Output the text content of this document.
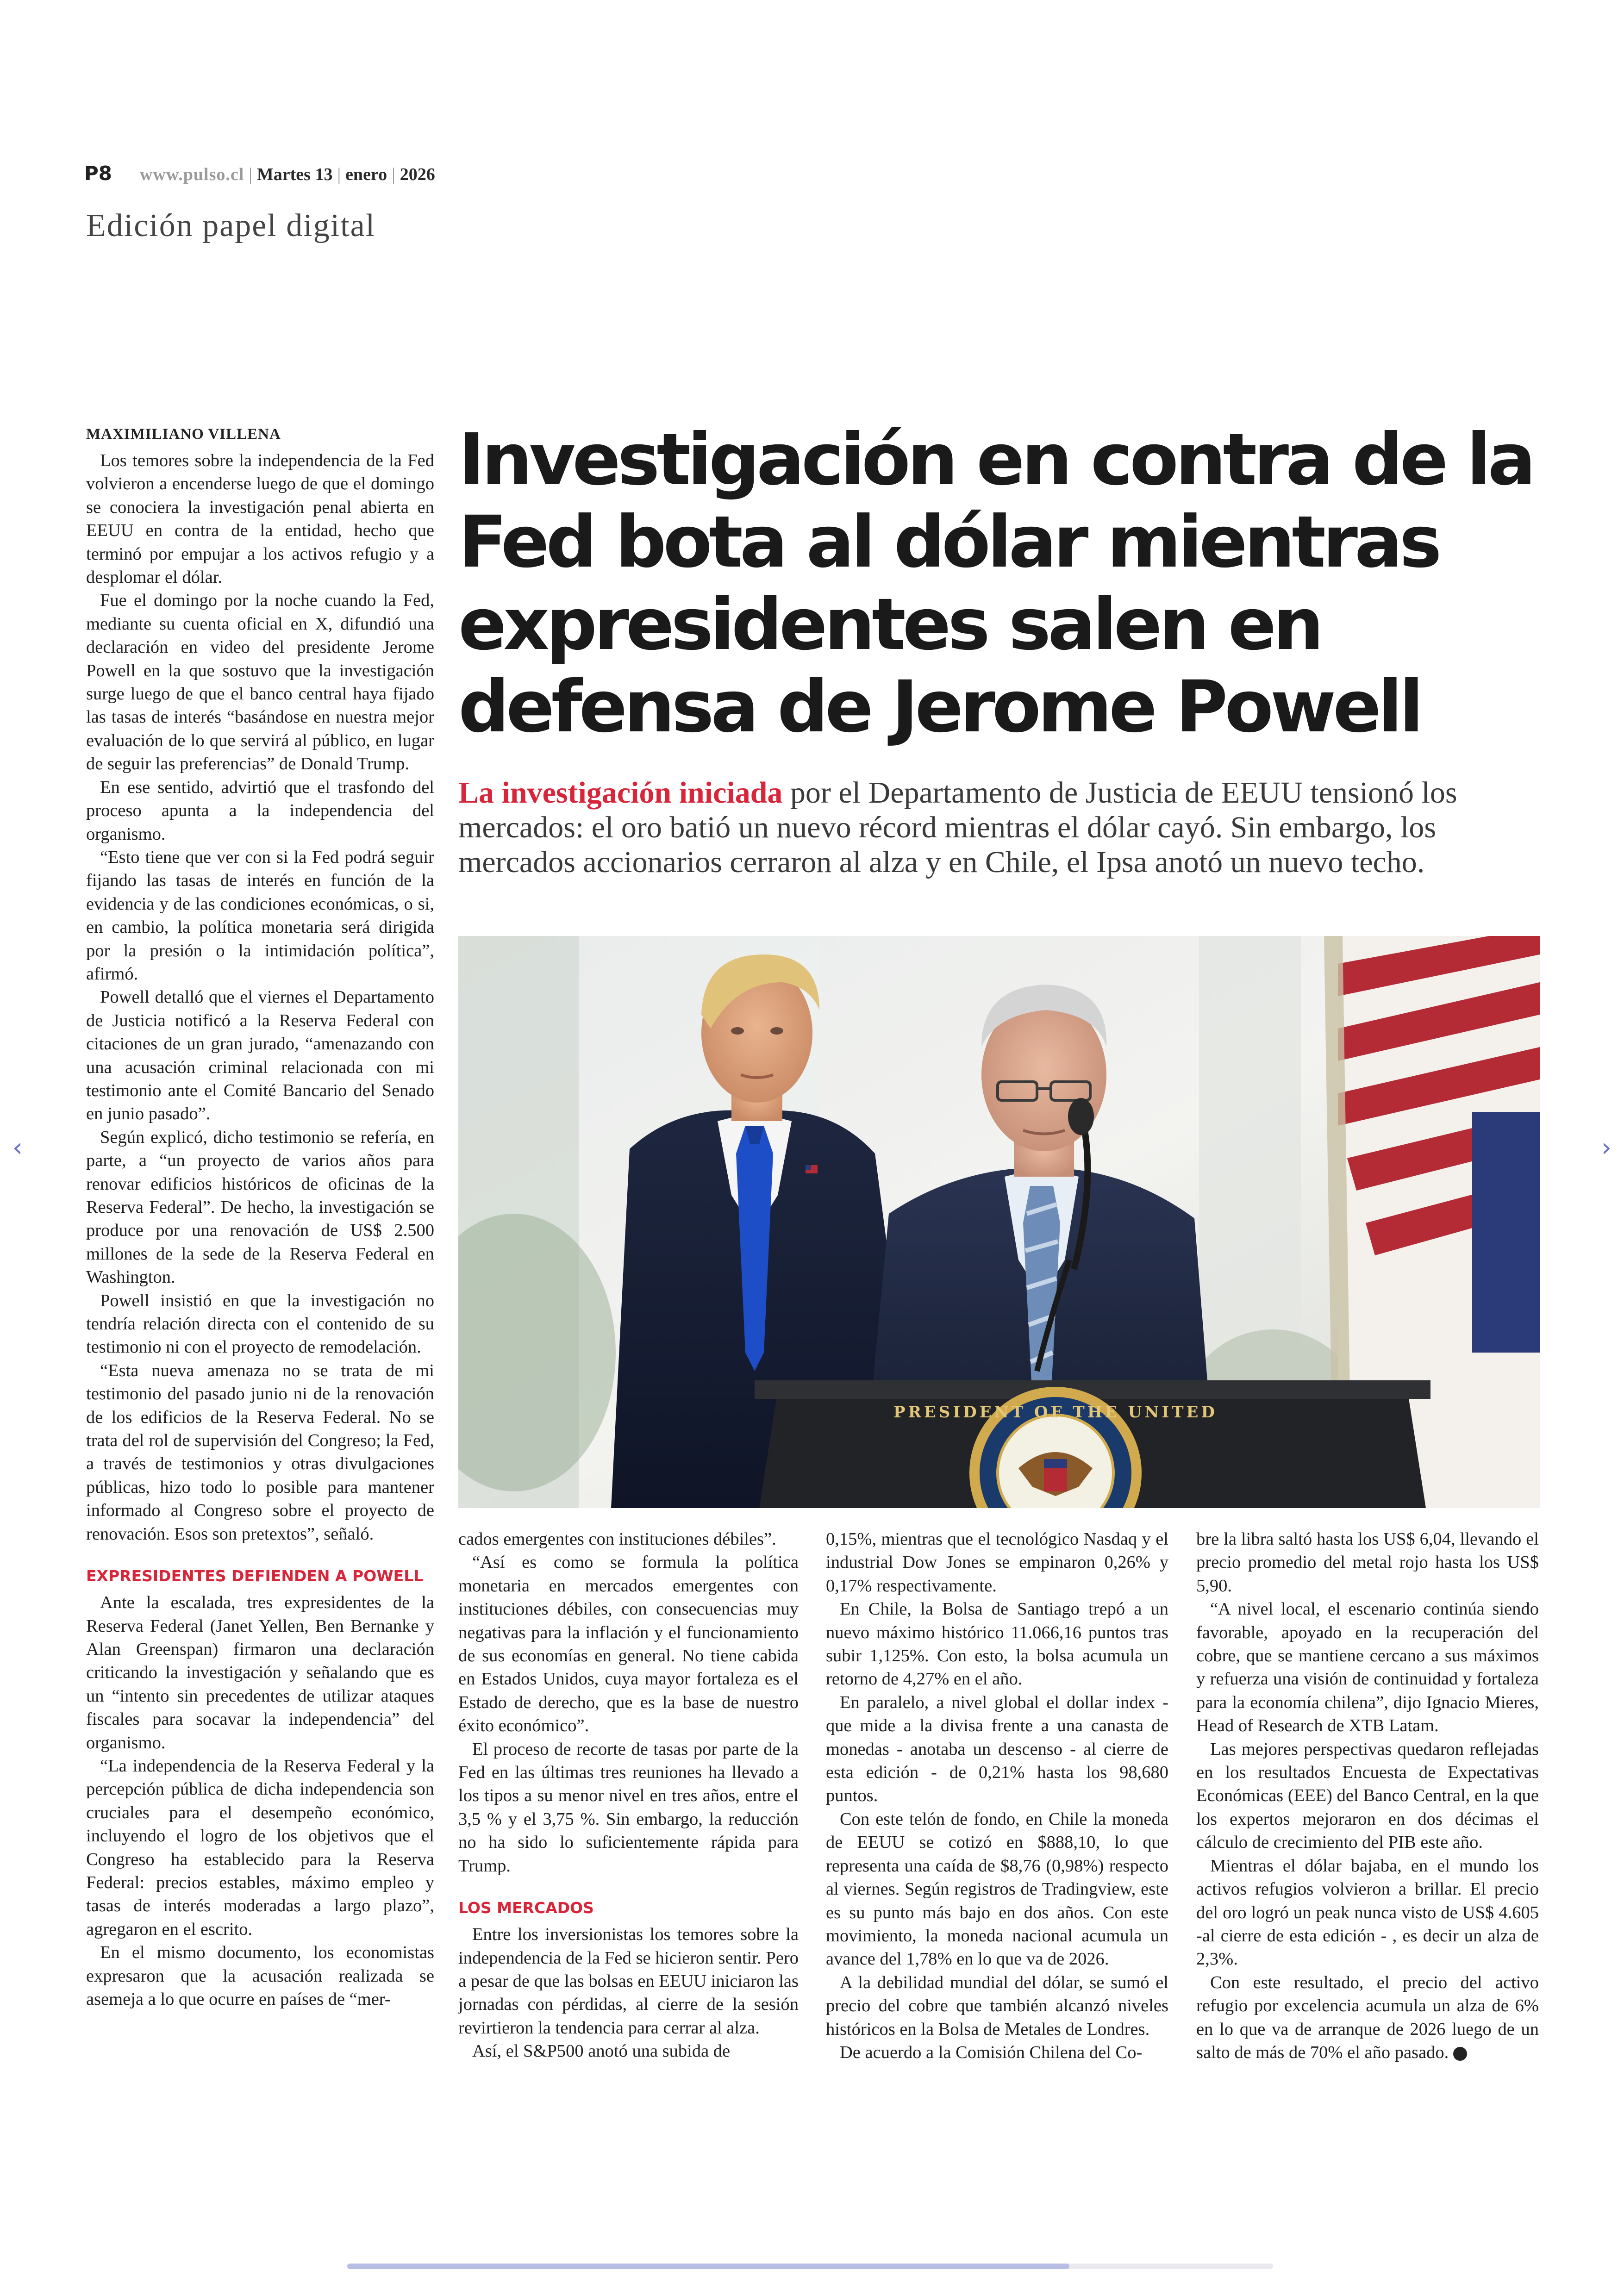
P8 www.pulso.cl | Martes 13 | enero | 2026
Edición papel digital
MAXIMILIANO VILLENA

Los temores sobre la independencia de la Fed volvieron a encenderse luego de que el domingo se conociera la investigación penal abierta en EEUU en contra de la entidad, hecho que terminó por empujar a los activos refugio y a desplomar el dólar.

Fue el domingo por la noche cuando la Fed, mediante su cuenta oficial en X, difundió una declaración en video del presidente Jerome Powell en la que sostuvo que la investigación surge luego de que el banco central haya fijado las tasas de interés “basándose en nuestra mejor evaluación de lo que servirá al público, en lugar de seguir las preferencias” de Donald Trump.

En ese sentido, advirtió que el trasfondo del proceso apunta a la independencia del organismo.

“Esto tiene que ver con si la Fed podrá seguir fijando las tasas de interés en función de la evidencia y de las condiciones económicas, o si, en cambio, la política monetaria será dirigida por la presión o la intimidación política”, afirmó.

Powell detalló que el viernes el Departamento de Justicia notificó a la Reserva Federal con citaciones de un gran jurado, “amenazando con una acusación criminal relacionada con mi testimonio ante el Comité Bancario del Senado en junio pasado”.

Según explicó, dicho testimonio se refería, en parte, a “un proyecto de varios años para renovar edificios históricos de oficinas de la Reserva Federal”. De hecho, la investigación se produce por una renovación de US$ 2.500 millones de la sede de la Reserva Federal en Washington.

Powell insistió en que la investigación no tendría relación directa con el contenido de su testimonio ni con el proyecto de remodelación.

“Esta nueva amenaza no se trata de mi testimonio del pasado junio ni de la renovación de los edificios de la Reserva Federal. No se trata del rol de supervisión del Congreso; la Fed, a través de testimonios y otras divulgaciones públicas, hizo todo lo posible para mantener informado al Congreso sobre el proyecto de renovación. Esos son pretextos”, señaló.

EXPRESIDENTES DEFIENDEN A POWELL

Ante la escalada, tres expresidentes de la Reserva Federal (Janet Yellen, Ben Bernanke y Alan Greenspan) firmaron una declaración criticando la investigación y señalando que es un “intento sin precedentes de utilizar ataques fiscales para socavar la independencia” del organismo.

“La independencia de la Reserva Federal y la percepción pública de dicha independencia son cruciales para el desempeño económico, incluyendo el logro de los objetivos que el Congreso ha establecido para la Reserva Federal: precios estables, máximo empleo y tasas de interés moderadas a largo plazo”, agregaron en el escrito.

En el mismo documento, los economistas expresaron que la acusación realizada se asemeja a lo que ocurre en países de “mer-

Investigación en contra de la Fed bota al dólar mientras expresidentes salen en defensa de Jerome Powell
La investigación iniciada por el Departamento de Justicia de EEUU tensionó los mercados: el oro batió un nuevo récord mientras el dólar cayó. Sin embargo, los mercados accionarios cerraron al alza y en Chile, el Ipsa anotó un nuevo techo.
PRESIDENT OF THE UNITED

cados emergentes con instituciones débiles”.

“Así es como se formula la política monetaria en mercados emergentes con instituciones débiles, con consecuencias muy negativas para la inflación y el funcionamiento de sus economías en general. No tiene cabida en Estados Unidos, cuya mayor fortaleza es el Estado de derecho, que es la base de nuestro éxito económico”.

El proceso de recorte de tasas por parte de la Fed en las últimas tres reuniones ha llevado a los tipos a su menor nivel en tres años, entre el 3,5 % y el 3,75 %. Sin embargo, la reducción no ha sido lo suficientemente rápida para Trump.

LOS MERCADOS

Entre los inversionistas los temores sobre la independencia de la Fed se hicieron sentir. Pero a pesar de que las bolsas en EEUU iniciaron las jornadas con pérdidas, al cierre de la sesión revirtieron la tendencia para cerrar al alza.

Así, el S&P500 anotó una subida de

0,15%, mientras que el tecnológico Nasdaq y el industrial Dow Jones se empinaron 0,26% y 0,17% respectivamente.

En Chile, la Bolsa de Santiago trepó a un nuevo máximo histórico 11.066,16 puntos tras subir 1,125%. Con esto, la bolsa acumula un retorno de 4,27% en el año.

En paralelo, a nivel global el dollar index - que mide a la divisa frente a una canasta de monedas - anotaba un descenso - al cierre de esta edición - de 0,21% hasta los 98,680 puntos.

Con este telón de fondo, en Chile la moneda de EEUU se cotizó en $888,10, lo que representa una caída de $8,76 (0,98%) respecto al viernes. Según registros de Tradingview, este es su punto más bajo en dos años. Con este movimiento, la moneda nacional acumula un avance del 1,78% en lo que va de 2026.

A la debilidad mundial del dólar, se sumó el precio del cobre que también alcanzó niveles históricos en la Bolsa de Metales de Londres.

De acuerdo a la Comisión Chilena del Co-

bre la libra saltó hasta los US$ 6,04, llevando el precio promedio del metal rojo hasta los US$ 5,90.

“A nivel local, el escenario continúa siendo favorable, apoyado en la recuperación del cobre, que se mantiene cercano a sus máximos y refuerza una visión de continuidad y fortaleza para la economía chilena”, dijo Ignacio Mieres, Head of Research de XTB Latam.

Las mejores perspectivas quedaron reflejadas en los resultados Encuesta de Expectativas Económicas (EEE) del Banco Central, en la que los expertos mejoraron en dos décimas el cálculo de crecimiento del PIB este año.

Mientras el dólar bajaba, en el mundo los activos refugios volvieron a brillar. El precio del oro logró un peak nunca visto de US$ 4.605 -al cierre de esta edición - , es decir un alza de 2,3%.

Con este resultado, el precio del activo refugio por excelencia acumula un alza de 6% en lo que va de arranque de 2026 luego de un salto de más de 70% el año pasado. P

‹	›
